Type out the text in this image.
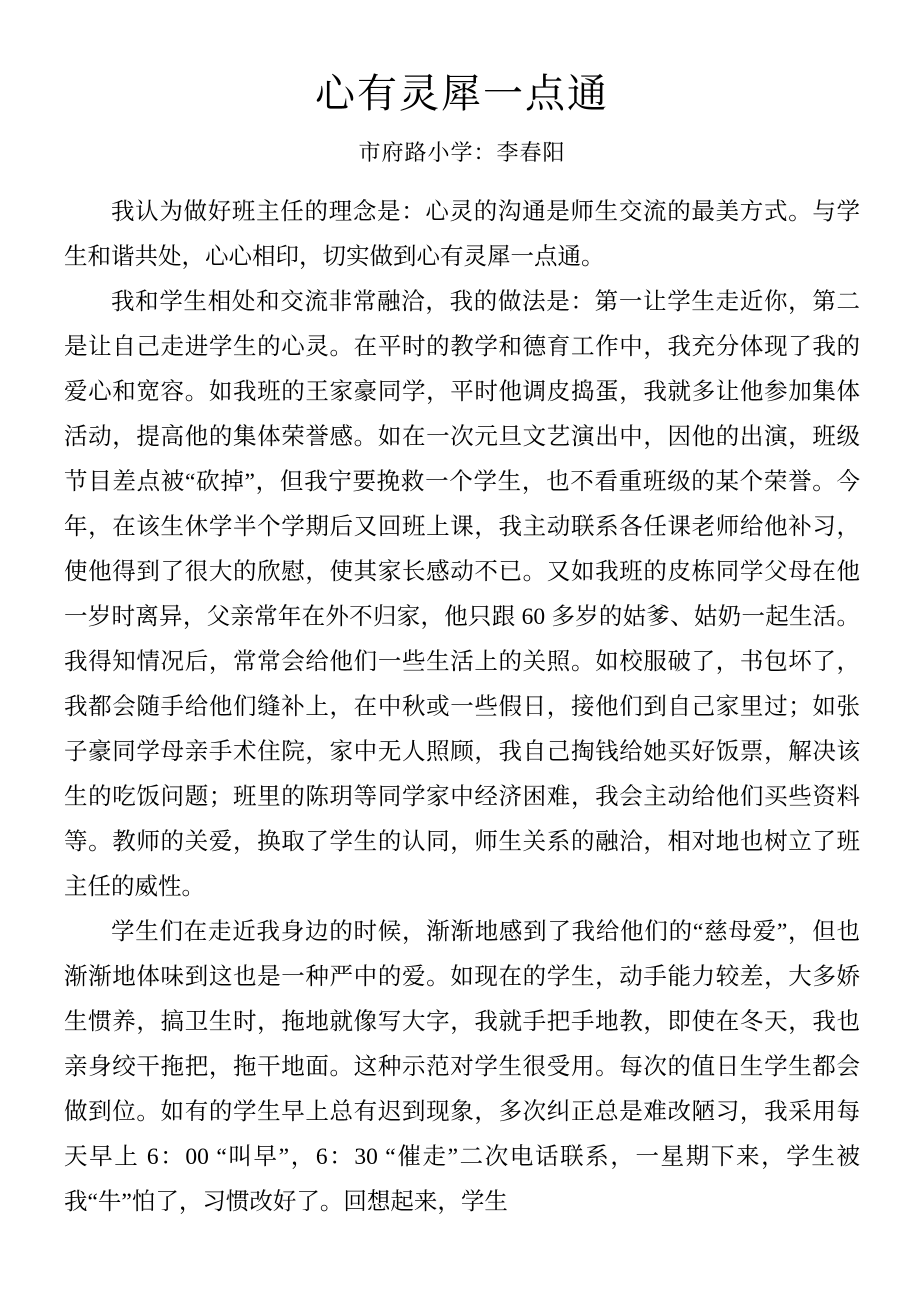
心有灵犀一点通
市府路小学：李春阳

我认为做好班主任的理念是：心灵的沟通是师生交流的最美方式。与学生和谐共处，心心相印，切实做到心有灵犀一点通。

我和学生相处和交流非常融洽，我的做法是：第一让学生走近你，第二是让自己走进学生的心灵。在平时的教学和德育工作中，我充分体现了我的爱心和宽容。如我班的王家豪同学，平时他调皮捣蛋，我就多让他参加集体活动，提高他的集体荣誉感。如在一次元旦文艺演出中，因他的出演，班级节目差点被“砍掉”，但我宁要挽救一个学生，也不看重班级的某个荣誉。今年，在该生休学半个学期后又回班上课，我主动联系各任课老师给他补习，使他得到了很大的欣慰，使其家长感动不已。又如我班的皮栋同学父母在他一岁时离异，父亲常年在外不归家，他只跟 60 多岁的姑爹、姑奶一起生活。我得知情况后，常常会给他们一些生活上的关照。如校服破了，书包坏了，我都会随手给他们缝补上，在中秋或一些假日，接他们到自己家里过；如张子豪同学母亲手术住院，家中无人照顾，我自己掏钱给她买好饭票，解决该生的吃饭问题；班里的陈玥等同学家中经济困难，我会主动给他们买些资料等。教师的关爱，换取了学生的认同，师生关系的融洽，相对地也树立了班主任的威性。

学生们在走近我身边的时候，渐渐地感到了我给他们的“慈母爱”，但也渐渐地体味到这也是一种严中的爱。如现在的学生，动手能力较差，大多娇生惯养，搞卫生时，拖地就像写大字，我就手把手地教，即使在冬天，我也亲身绞干拖把，拖干地面。这种示范对学生很受用。每次的值日生学生都会做到位。如有的学生早上总有迟到现象，多次纠正总是难改陋习，我采用每天早上 6：00 “叫早”，6：30 “催走”二次电话联系，一星期下来，学生被我“牛”怕了，习惯改好了。回想起来，学生
